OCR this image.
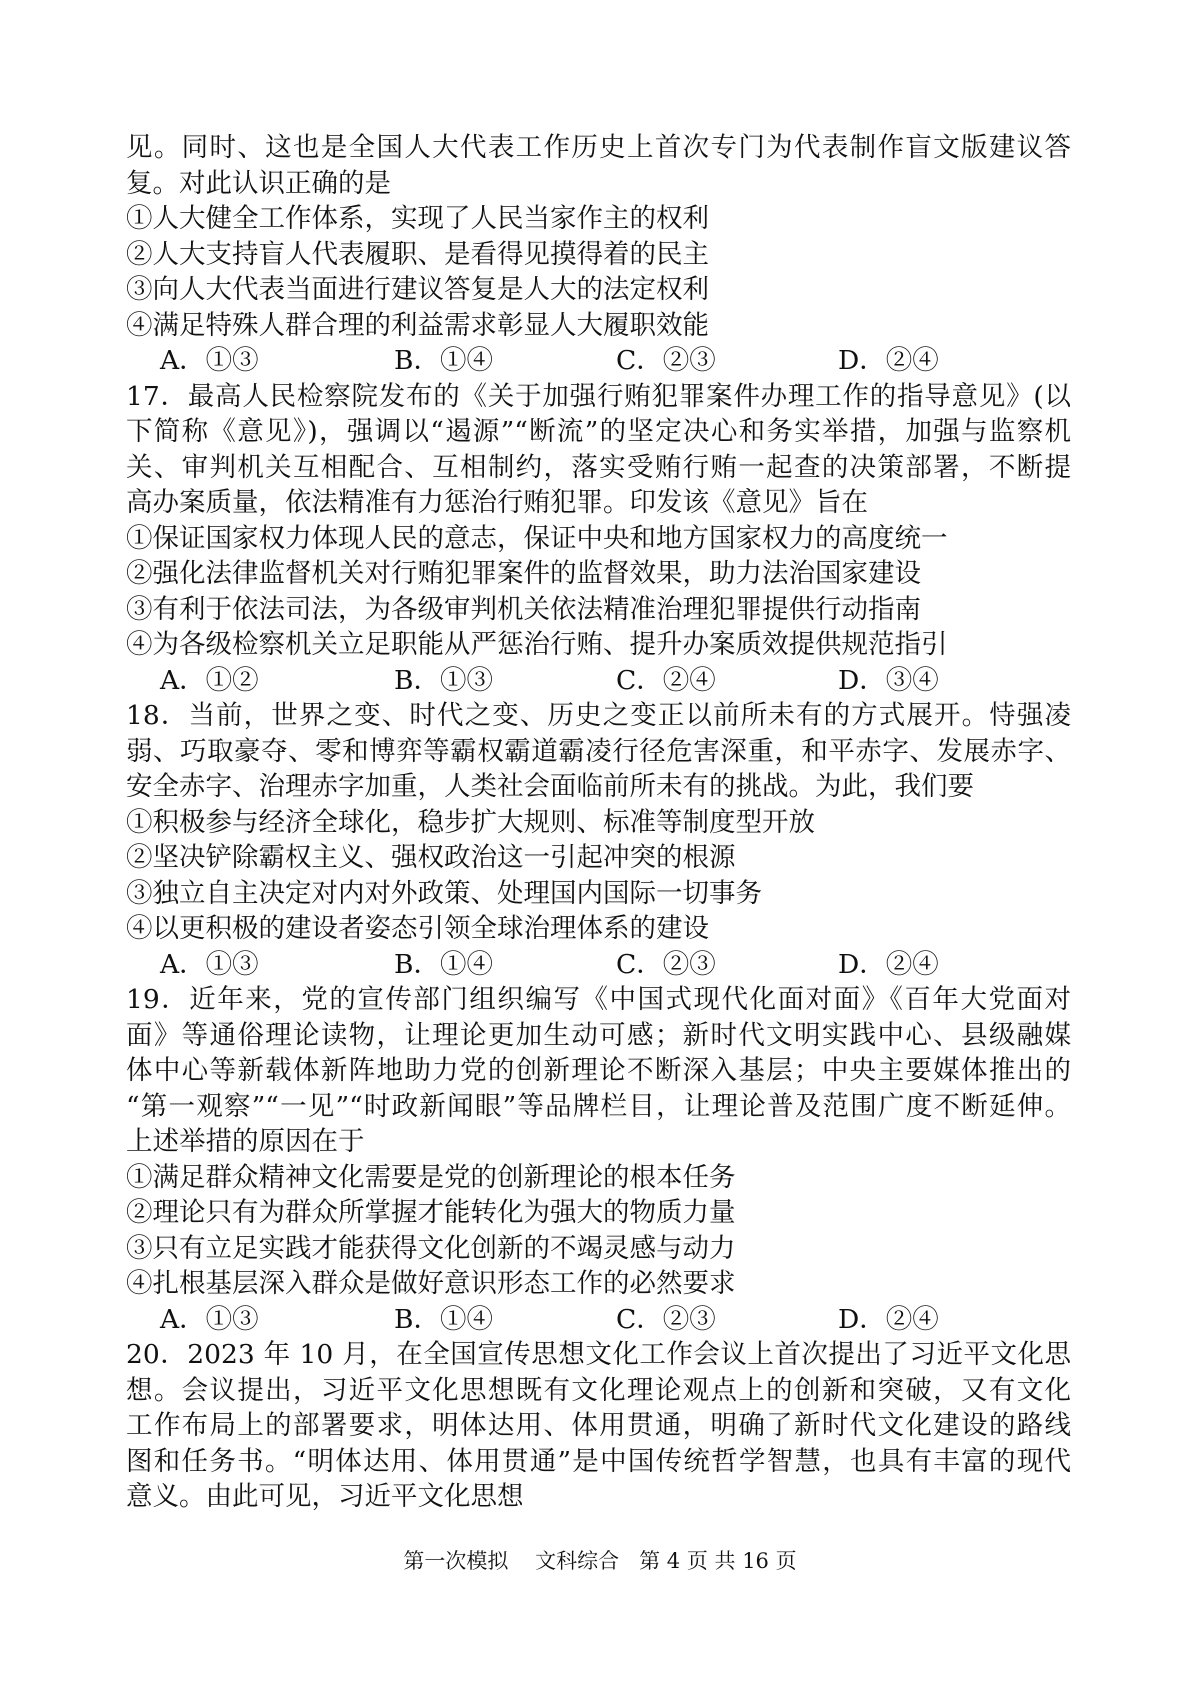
见。同时、这也是全国人大代表工作历史上首次专门为代表制作盲文版建议答
复。对此认识正确的是
①人大健全工作体系，实现了人民当家作主的权利
②人大支持盲人代表履职、是看得见摸得着的民主
③向人大代表当面进行建议答复是人大的法定权利
④满足特殊人群合理的利益需求彰显人大履职效能
A．①③	B．①④	C．②③	D．②④
17．最高人民检察院发布的《关于加强行贿犯罪案件办理工作的指导意见》(以
下简称《意见》)，强调以“遏源”“断流”的坚定决心和务实举措，加强与监察机
关、审判机关互相配合、互相制约，落实受贿行贿一起查的决策部署，不断提
高办案质量，依法精准有力惩治行贿犯罪。印发该《意见》旨在
①保证国家权力体现人民的意志，保证中央和地方国家权力的高度统一
②强化法律监督机关对行贿犯罪案件的监督效果，助力法治国家建设
③有利于依法司法，为各级审判机关依法精准治理犯罪提供行动指南
④为各级检察机关立足职能从严惩治行贿、提升办案质效提供规范指引
A．①②	B．①③	C．②④	D．③④
18．当前，世界之变、时代之变、历史之变正以前所未有的方式展开。恃强凌
弱、巧取豪夺、零和博弈等霸权霸道霸凌行径危害深重，和平赤字、发展赤字、
安全赤字、治理赤字加重，人类社会面临前所未有的挑战。为此，我们要
①积极参与经济全球化，稳步扩大规则、标准等制度型开放
②坚决铲除霸权主义、强权政治这一引起冲突的根源
③独立自主决定对内对外政策、处理国内国际一切事务
④以更积极的建设者姿态引领全球治理体系的建设
A．①③	B．①④	C．②③	D．②④
19．近年来，党的宣传部门组织编写《中国式现代化面对面》《百年大党面对
面》等通俗理论读物，让理论更加生动可感；新时代文明实践中心、县级融媒
体中心等新载体新阵地助力党的创新理论不断深入基层；中央主要媒体推出的
“第一观察”“一见”“时政新闻眼”等品牌栏目，让理论普及范围广度不断延伸。
上述举措的原因在于
①满足群众精神文化需要是党的创新理论的根本任务
②理论只有为群众所掌握才能转化为强大的物质力量
③只有立足实践才能获得文化创新的不竭灵感与动力
④扎根基层深入群众是做好意识形态工作的必然要求
A．①③	B．①④	C．②③	D．②④
20．2023 年 10 月，在全国宣传思想文化工作会议上首次提出了习近平文化思
想。会议提出，习近平文化思想既有文化理论观点上的创新和突破，又有文化
工作布局上的部署要求，明体达用、体用贯通，明确了新时代文化建设的路线
图和任务书。“明体达用、体用贯通”是中国传统哲学智慧，也具有丰富的现代
意义。由此可见，习近平文化思想
第一次模拟    文科综合   第 4 页 共 16 页
